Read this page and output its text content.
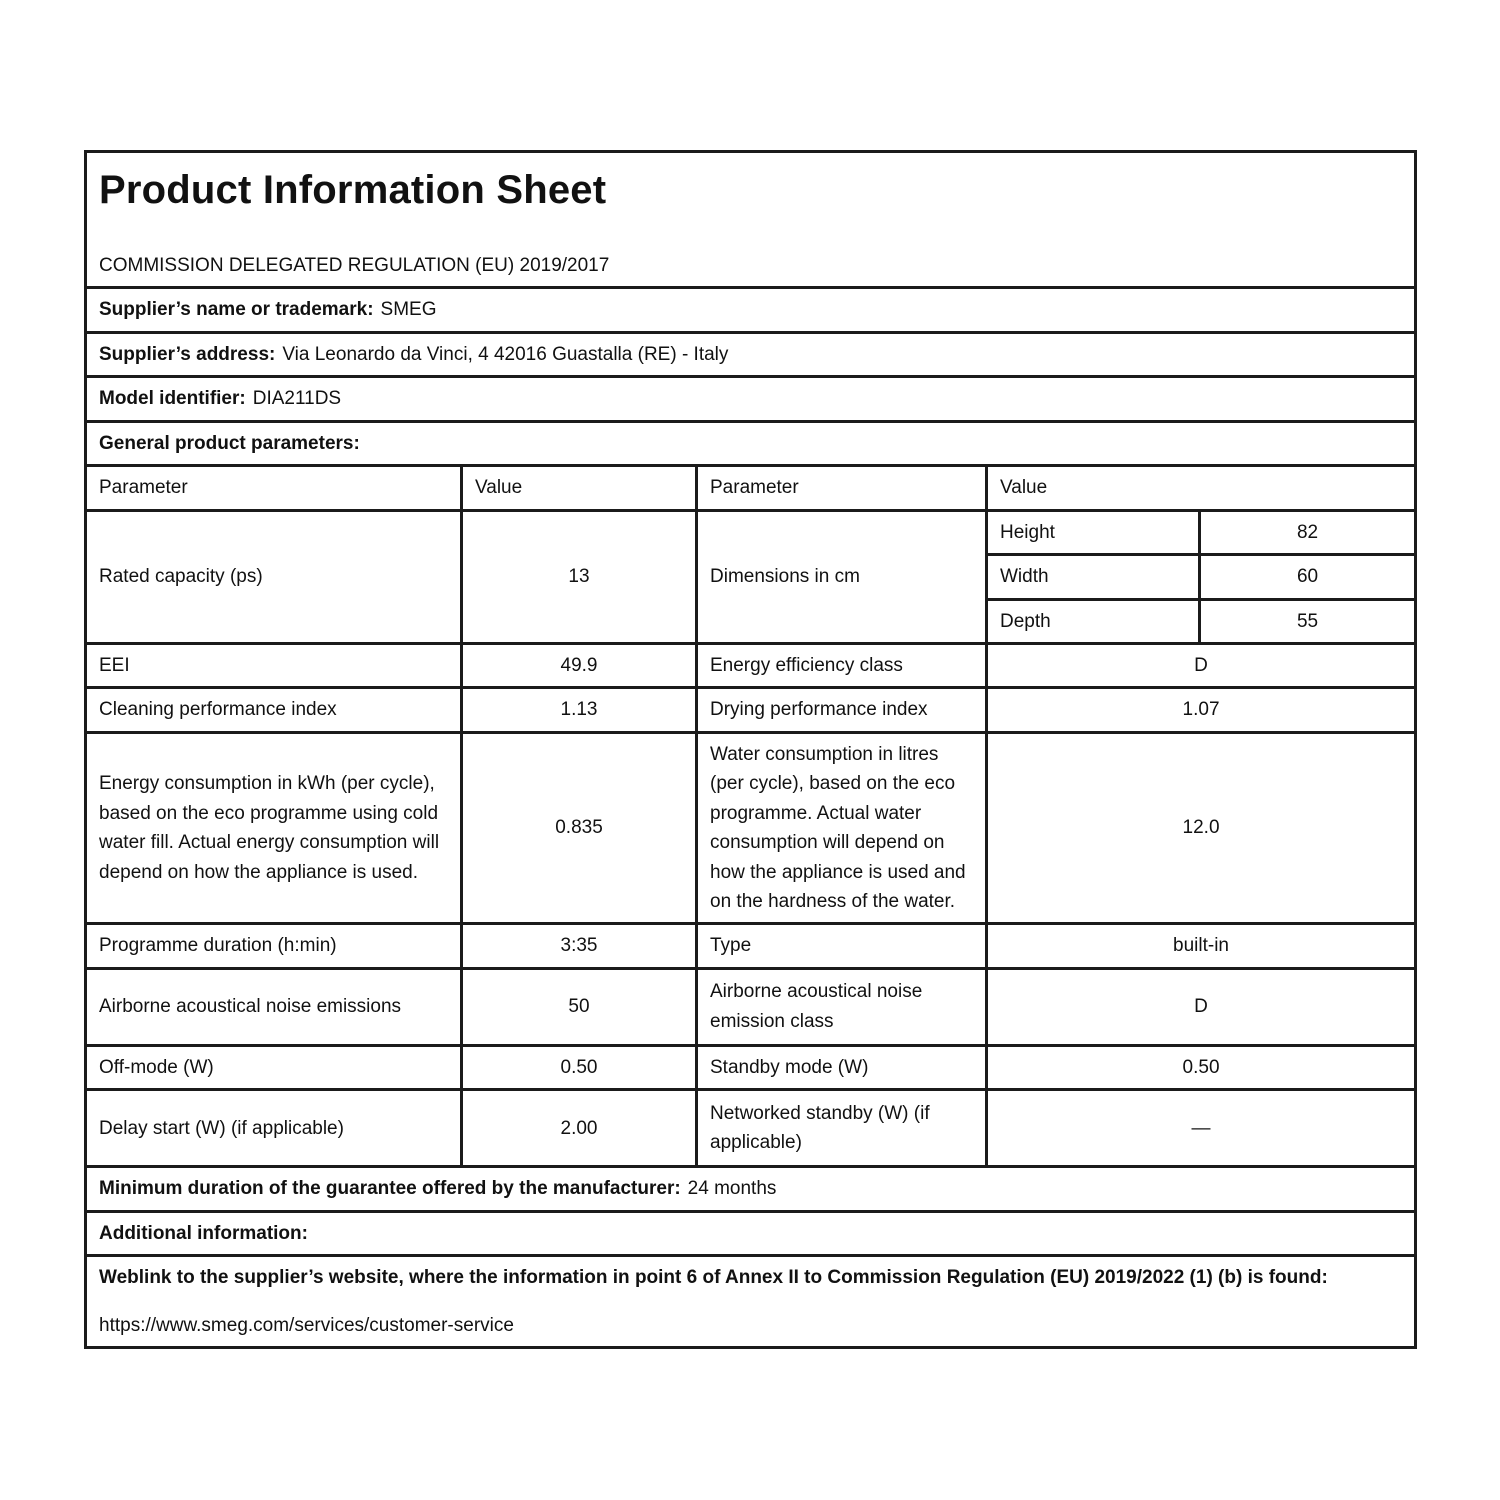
Product Information Sheet
COMMISSION DELEGATED REGULATION (EU) 2019/2017				

Supplier’s name or trademark: SMEG				
Supplier’s address: Via Leonardo da Vinci, 4 42016 Guastalla (RE) - Italy				
Model identifier: DIA211DS				
General product parameters:				
Parameter	Value	Parameter	Value	
Rated capacity (ps)	13	Dimensions in cm	Height	82
			Width	60
			Depth	55
EEI	49.9	Energy efficiency class	D	
Cleaning performance index	1.13	Drying performance index	1.07	
Energy consumption in kWh (per cycle), based on the eco programme using cold water fill. Actual energy consumption will depend on how the appliance is used.	0.835	Water consumption in litres (per cycle), based on the eco programme. Actual water consumption will depend on how the appliance is used and on the hardness of the water.	12.0	
Programme duration (h:min)	3:35	Type	built-in	
Airborne acoustical noise emissions	50	Airborne acoustical noise emission class	D	
Off-mode (W)	0.50	Standby mode (W)	0.50	
Delay start (W) (if applicable)	2.00	Networked standby (W) (if applicable)	—	
Minimum duration of the guarantee offered by the manufacturer: 24 months				
Additional information:				

Weblink to the supplier’s website, where the information in point 6 of Annex II to Commission Regulation (EU) 2019/2022 (1) (b) is found:

https://www.smeg.com/services/customer-service				
